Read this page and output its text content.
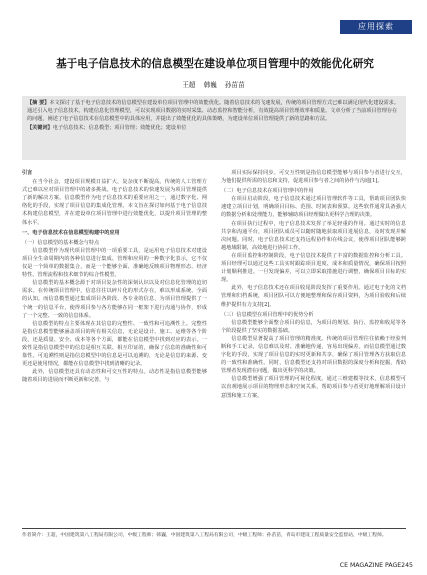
应用探索
基于电子信息技术的信息模型在建设单位项目管理中的效能优化研究
王超 韩巍 孙苗苗
【摘 要】本文探讨了基于电子信息技术的信息模型在建设单位项目管理中的效能优化。随着信息技术的飞速发展，传统的项目管理方式已难以满足现代化建设需求。通过引入电子信息技术，构建信息化管理模型，可以实现项目数据的实时采集、动态监控和智能分析，有效提高项目管理效率和质量。文章分析了当前项目管理存在的问题，阐述了电子信息技术在信息模型中的具体应用，并提出了效能优化的具体策略，为建设单位项目管理提供了新的思路和方法。
【关键词】电子信息技术；信息模型；项目管理；效能优化；建设单位

引言

在当今社会，建设项目规模日益扩大，复杂度不断提高。传统的人工管理方式已难以应对项目管理中的诸多挑战。电子信息技术的快速发展为项目管理提供了新的解决方案。信息模型作为电子信息技术的重要应用之一，通过数字化、网络化的手段，实现了项目信息的集成化管理。本文旨在探讨如何基于电子信息技术构建信息模型，并在建设单位项目管理中进行效能优化，以提升项目管理的整体水平。

一、电子信息技术在信息模型构建中的应用

（一）信息模型的基本概念与特点

信息模型作为现代项目管理中的一项重要工具，是运用电子信息技术对建设项目全生命周期内的各种信息进行集成、管理和应用的一种数字化表示，它不仅仅是一个简单的数据集合，而是一个能够全面、准确地反映项目物理形态、经济特性、管理流程和技术细节的综合性模型。

信息模型的基本概念源于对项目复杂性的深刻认识以及对信息化管理的迫切需求。在传统项目管理中，信息往往以碎片化的形式存在，难以形成系统、全面的认知。而信息模型通过集成项目各阶段、各专业的信息，为项目管理提供了一个统一的信息平台，使得项目参与各方能够在同一框架下进行沟通与协作，形成了一个完整、一致的信息体系。

信息模型的特点主要体现在其信息的完整性、一致性和可追溯性上。完整性是指信息模型能够涵盖项目的所有相关信息，无论是设计、施工、运维等各个阶段，还是质量、安全、成本等各个方面，都能在信息模型中找到对应的表示。一致性是指信息模型中的信息是相互关联、相互印证的，确保了信息的准确性和可靠性。可追溯性则是指信息模型中的信息是可以追溯的，无论是信息的来源、变更还是使用情况，都能在信息模型中找到清晰的记录。

此外，信息模型还具有动态性和可交互性的特点。动态性是指信息模型能够随着项目的进展而不断更新和完善，与

项目实际保持同步。可交互性则是指信息模型能够与项目参与者进行交互，为他们提供所需的信息和支持，促进项目参与者之间的协作与沟通[1]。

（二）电子信息技术在项目管理中的作用

在项目启动阶段，电子信息技术通过项目管理软件等工具，帮助项目团队快速建立项目计划，明确项目目标、范围、时间表和预算。这些软件通常具备强大的数据分析和处理能力，能够辅助项目经理做出更科学合理的决策。

在项目执行过程中，电子信息技术发挥了举足轻重的作用。通过实时的信息共享和沟通平台，项目团队成员可以随时随地获取项目进展信息，及时发现并解决问题。同时，电子信息技术还支持远程协作和在线会议，使得项目团队能够跨越地域限制，高效地进行协同工作。

在项目监控和控制阶段，电子信息技术提供了丰富的数据监控和分析工具。项目经理可以通过这些工具实时跟踪项目进度、成本和质量情况，确保项目按照计划顺利推进。一旦发现偏差，可以立即采取措施进行调整，确保项目目标的实现。

此外，电子信息技术还在项目收尾阶段发挥了重要作用。通过电子化的文档管理和归档系统，项目团队可以方便地整理和保存项目资料，为项目验收和后续维护提供有力支持[2]。

（三）信息模型在项目管理中的优势分析

信息模型能够全面整合项目的信息，为项目的规划、执行、监控和收尾等各个阶段提供了坚实的数据基础。

信息模型显著提高了项目管理的精准度。传统的项目管理往往依赖于经验判断和手工记录，信息难以及时、准确地传递，容易出现偏差。而信息模型通过数字化的手段，实现了项目信息的实时更新和共享，确保了项目管理各方获取信息的一致性和准确性。同时，信息模型还支持对项目数据的深度分析和挖掘，帮助管理者发现潜在问题，做出更科学的决策。

信息模型增强了项目管理的可视化程度。通过三维建模等技术，信息模型可以直观地展示项目的物理形态和空间关系，帮助项目参与者更好地理解项目设计意图和施工方案。

作者简介：王超，中国建筑第八工程局有限公司，中级工程师；韩巍，中国建筑第八工程局有限公司，中级工程师；孙苗苗，青岛市建设工程质量安全监督站，中级工程师。
CE MAGAZINE PAGE245
